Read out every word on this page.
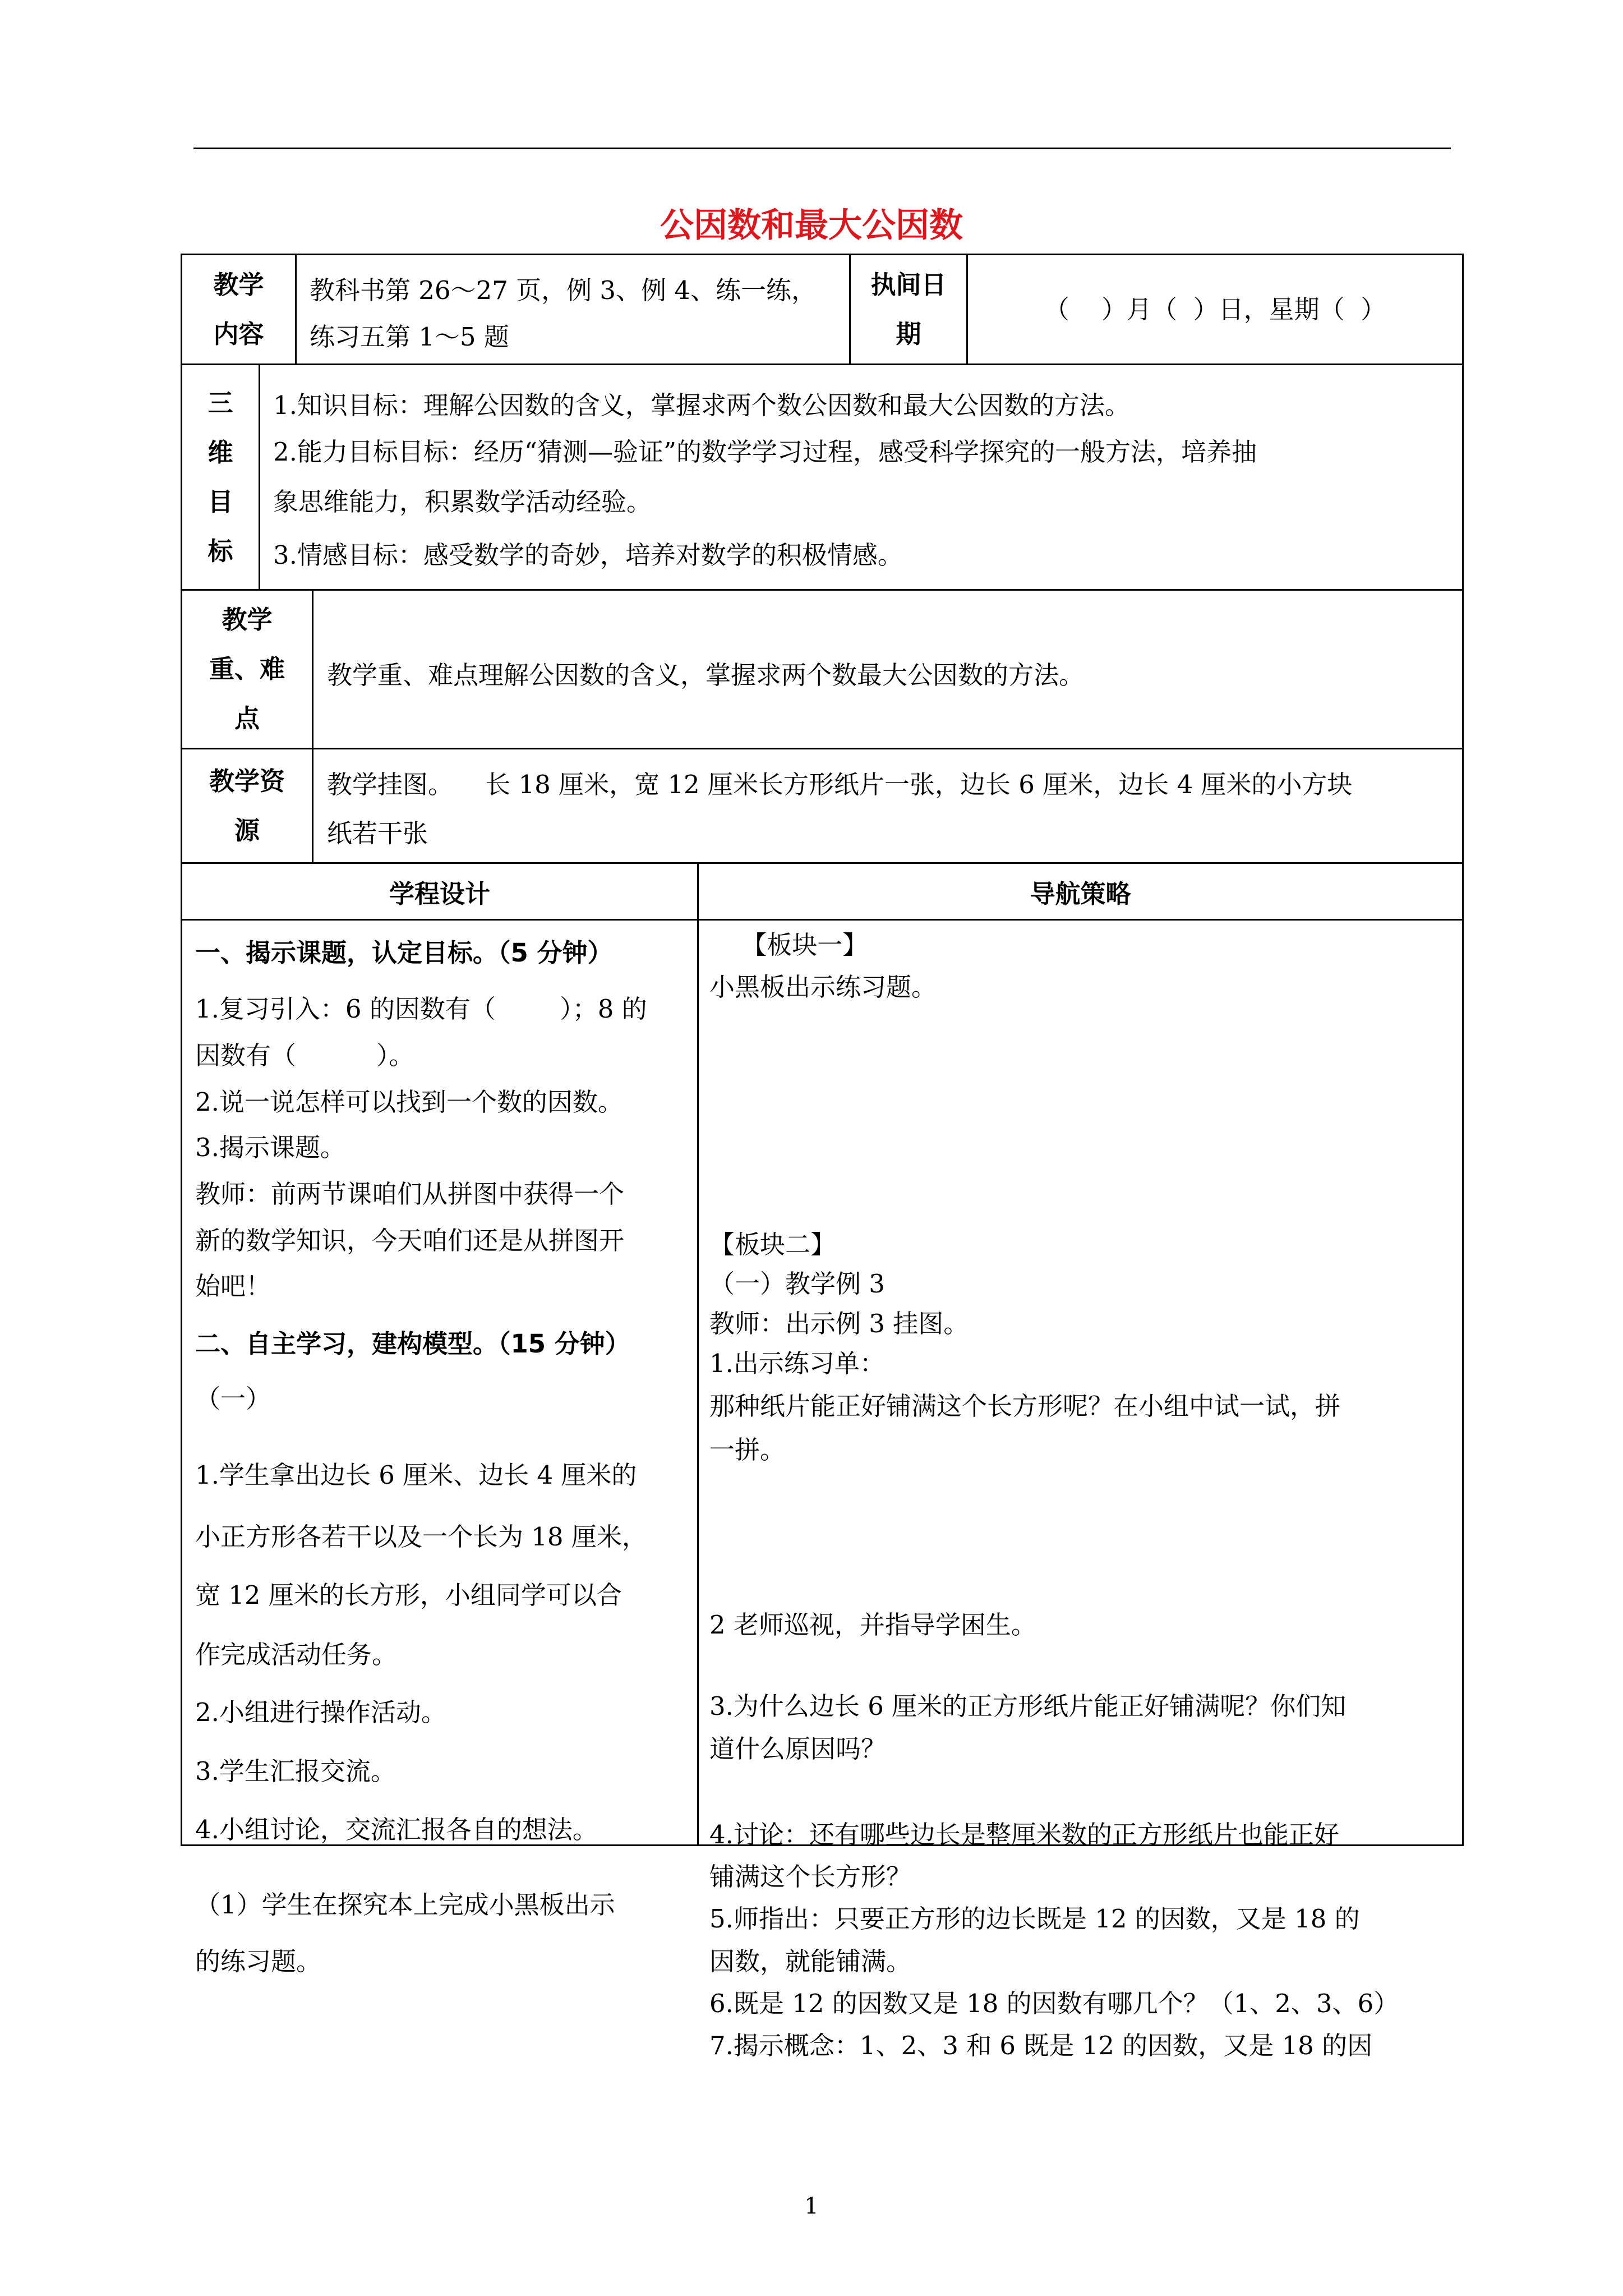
公因数和最大公因数
教学
内容
教科书第 26～27 页，例 3、例 4、练一练，
练习五第 1～5 题
执间日
期
（    ）月（  ）日，星期（  ）
三
维
目
标
1.知识目标：理解公因数的含义，掌握求两个数公因数和最大公因数的方法。
2.能力目标目标：经历“猜测—验证”的数学学习过程，感受科学探究的一般方法，培养抽
象思维能力，积累数学活动经验。
3.情感目标：感受数学的奇妙，培养对数学的积极情感。
教学
重、难
点
教学重、难点理解公因数的含义，掌握求两个数最大公因数的方法。
教学资
源
教学挂图。    长 18 厘米，宽 12 厘米长方形纸片一张，边长 6 厘米，边长 4 厘米的小方块
纸若干张
学程设计	导航策略
一、揭示课题，认定目标。（5 分钟）
1.复习引入：6 的因数有（        ）；8 的
因数有（          ）。
2.说一说怎样可以找到一个数的因数。
3.揭示课题。
教师：前两节课咱们从拼图中获得一个
新的数学知识，今天咱们还是从拼图开
始吧！
二、自主学习，建构模型。（15 分钟）
（一）
1.学生拿出边长 6 厘米、边长 4 厘米的
小正方形各若干以及一个长为 18 厘米，
宽 12 厘米的长方形，小组同学可以合
作完成活动任务。
2.小组进行操作活动。
3.学生汇报交流。
4.小组讨论，交流汇报各自的想法。
（1）学生在探究本上完成小黑板出示
的练习题。
【板块一】
小黑板出示练习题。
【板块二】
（一）教学例 3
教师：出示例 3 挂图。
1.出示练习单：
那种纸片能正好铺满这个长方形呢？在小组中试一试，拼
一拼。
2 老师巡视，并指导学困生。
3.为什么边长 6 厘米的正方形纸片能正好铺满呢？你们知
道什么原因吗？
4.讨论：还有哪些边长是整厘米数的正方形纸片也能正好
铺满这个长方形？
5.师指出：只要正方形的边长既是 12 的因数，又是 18 的
因数，就能铺满。
6.既是 12 的因数又是 18 的因数有哪几个？（1、2、3、6）
7.揭示概念：1、2、3 和 6 既是 12 的因数，又是 18 的因
1
